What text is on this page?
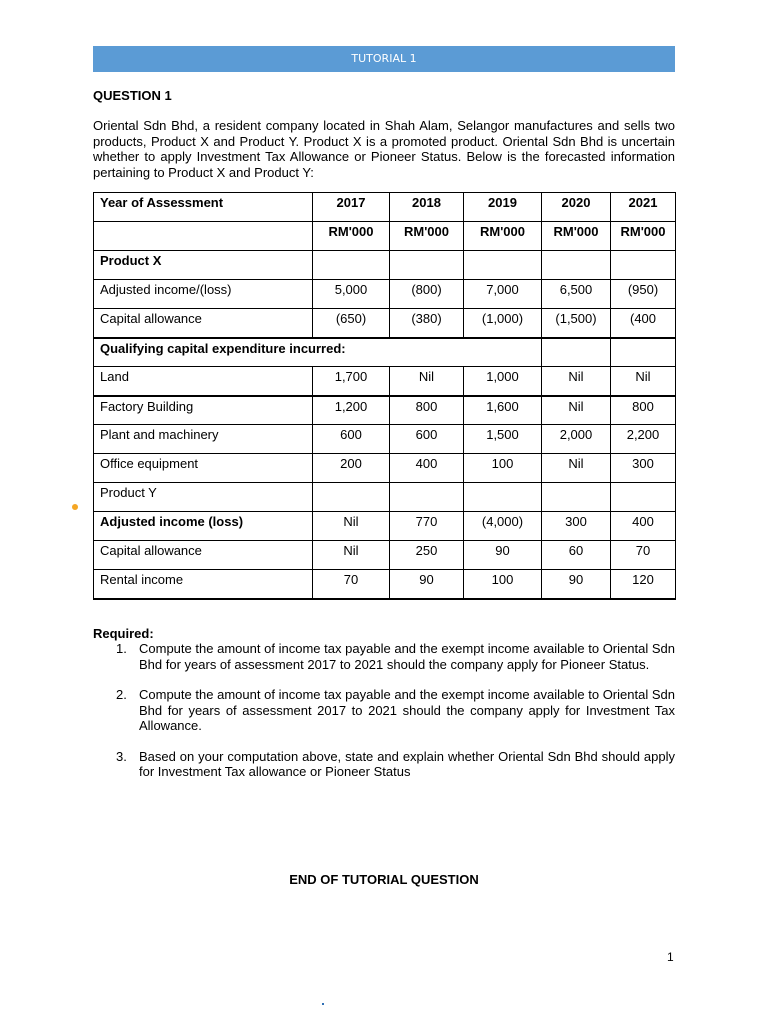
TUTORIAL 1
QUESTION 1
Oriental Sdn Bhd, a resident company located in Shah Alam, Selangor manufactures and sells two products, Product X and Product Y. Product X is a promoted product. Oriental Sdn Bhd is uncertain whether to apply Investment Tax Allowance or Pioneer Status. Below is the forecasted information pertaining to Product X and Product Y:
Year of Assessment	2017	2018	2019	2020	2021
	RM'000	RM'000	RM'000	RM'000	RM'000
Product X					
Adjusted income/(loss)	5,000	(800)	7,000	6,500	(950)
Capital allowance	(650)	(380)	(1,000)	(1,500)	(400
Qualifying capital expenditure incurred:					
Land	1,700	Nil	1,000	Nil	Nil
Factory Building	1,200	800	1,600	Nil	800
Plant and machinery	600	600	1,500	2,000	2,200
Office equipment	200	400	100	Nil	300
Product Y					
Adjusted income (loss)	Nil	770	(4,000)	300	400
Capital allowance	Nil	250	90	60	70
Rental income	70	90	100	90	120
Required:
1. Compute the amount of income tax payable and the exempt income available to Oriental Sdn Bhd for years of assessment 2017 to 2021 should the company apply for Pioneer Status.
2. Compute the amount of income tax payable and the exempt income available to Oriental Sdn Bhd for years of assessment 2017 to 2021 should the company apply for Investment Tax Allowance.
3. Based on your computation above, state and explain whether Oriental Sdn Bhd should apply for Investment Tax allowance or Pioneer Status
END OF TUTORIAL QUESTION
1
